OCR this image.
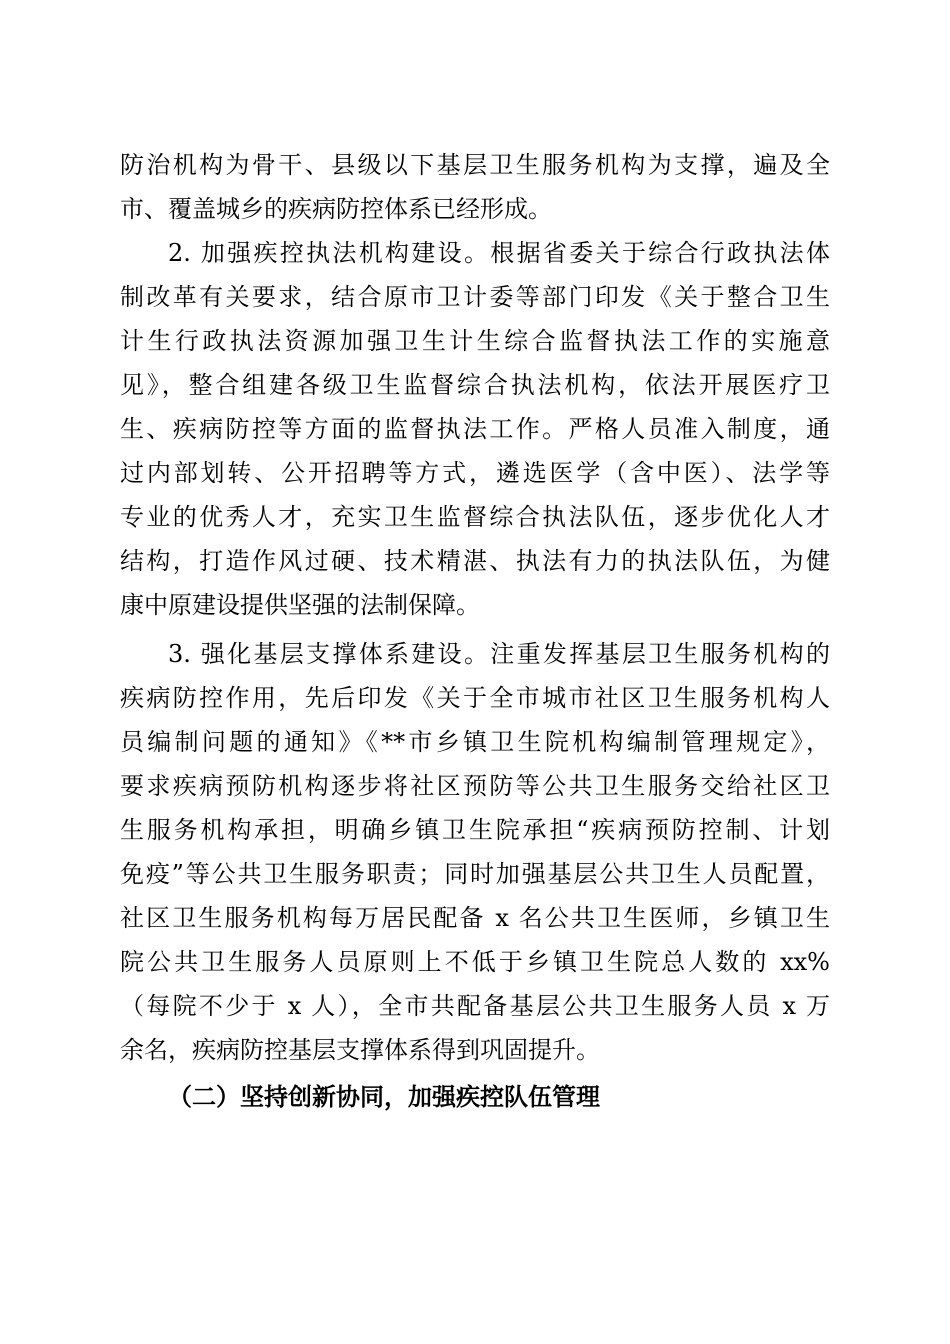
防治机构为骨干、县级以下基层卫生服务机构为支撑，遍及全
市、覆盖城乡的疾病防控体系已经形成。
2. 加强疾控执法机构建设。根据省委关于综合行政执法体
制改革有关要求，结合原市卫计委等部门印发《关于整合卫生
计生行政执法资源加强卫生计生综合监督执法工作的实施意
见》，整合组建各级卫生监督综合执法机构，依法开展医疗卫
生、疾病防控等方面的监督执法工作。严格人员准入制度，通
过内部划转、公开招聘等方式，遴选医学（含中医）、法学等
专业的优秀人才，充实卫生监督综合执法队伍，逐步优化人才
结构，打造作风过硬、技术精湛、执法有力的执法队伍，为健
康中原建设提供坚强的法制保障。
3. 强化基层支撑体系建设。注重发挥基层卫生服务机构的
疾病防控作用，先后印发《关于全市城市社区卫生服务机构人
员编制问题的通知》《**市乡镇卫生院机构编制管理规定》，
要求疾病预防机构逐步将社区预防等公共卫生服务交给社区卫
生服务机构承担，明确乡镇卫生院承担“疾病预防控制、计划
免疫”等公共卫生服务职责；同时加强基层公共卫生人员配置，
社区卫生服务机构每万居民配备 x 名公共卫生医师，乡镇卫生
院公共卫生服务人员原则上不低于乡镇卫生院总人数的 xx%
（每院不少于 x 人），全市共配备基层公共卫生服务人员 x 万
余名，疾病防控基层支撑体系得到巩固提升。
（二）坚持创新协同，加强疾控队伍管理
